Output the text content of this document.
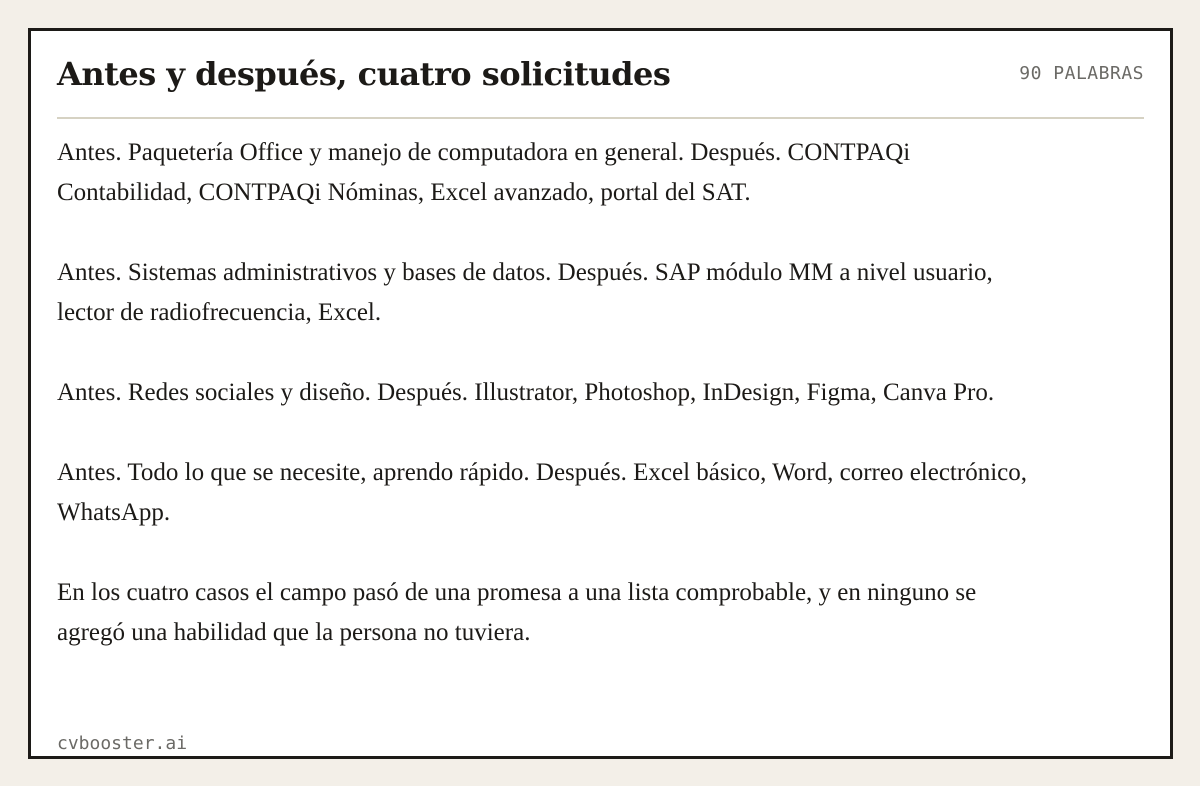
Antes y después, cuatro solicitudes	90 PALABRAS

Antes. Paquetería Office y manejo de computadora en general. Después. CONTPAQi Contabilidad, CONTPAQi Nóminas, Excel avanzado, portal del SAT.

Antes. Sistemas administrativos y bases de datos. Después. SAP módulo MM a nivel usuario, lector de radiofrecuencia, Excel.

Antes. Redes sociales y diseño. Después. Illustrator, Photoshop, InDesign, Figma, Canva Pro.

Antes. Todo lo que se necesite, aprendo rápido. Después. Excel básico, Word, correo electrónico, WhatsApp.

En los cuatro casos el campo pasó de una promesa a una lista comprobable, y en ninguno se agregó una habilidad que la persona no tuviera.

cvbooster.ai
